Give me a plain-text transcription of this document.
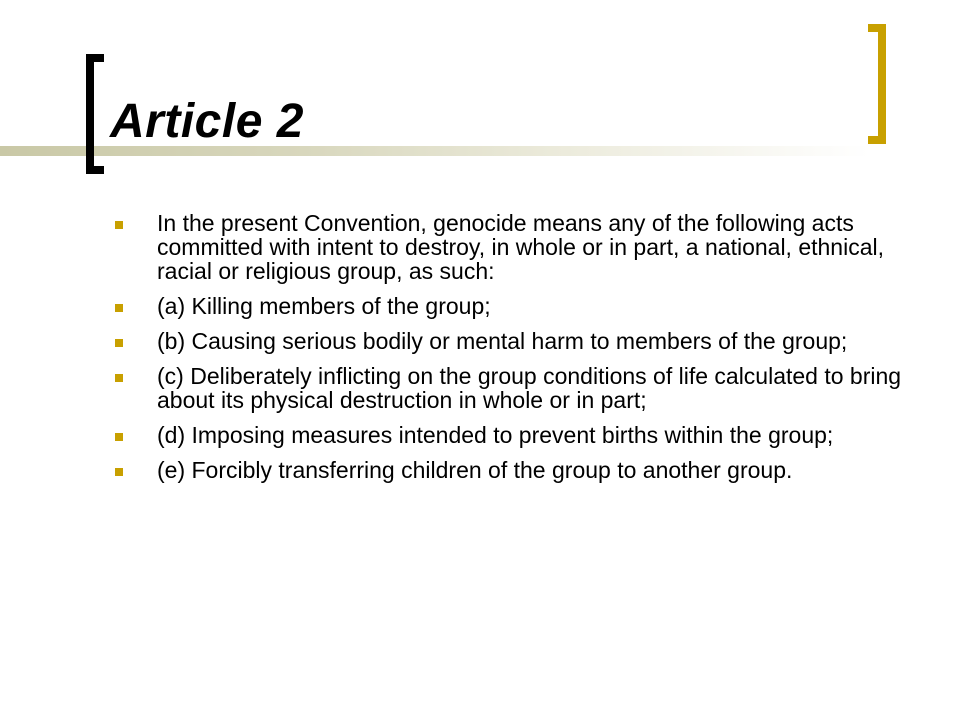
Article 2
In the present Convention, genocide means any of the following acts committed with intent to destroy, in whole or in part, a national, ethnical, racial or religious group, as such:
(a) Killing members of the group;
(b) Causing serious bodily or mental harm to members of the group;
(c) Deliberately inflicting on the group conditions of life calculated to bring about its physical destruction in whole or in part;
(d) Imposing measures intended to prevent births within the group;
(e) Forcibly transferring children of the group to another group.
